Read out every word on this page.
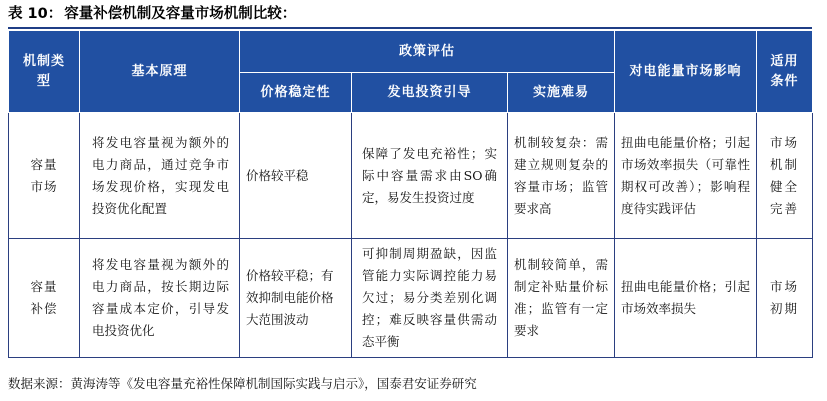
表 10： 容量补偿机制及容量市场机制比较：
机制类型	基本原理	政策评估			对电能量市场影响	适用条件
		价格稳定性	发电投资引导	实施难易		
容量市场	将发电容量视为额外的电力商品，通过竞争市场发现价格，实现发电投资优化配置	价格较平稳	保障了发电充裕性；实际中容量需求由SO确定，易发生投资过度	机制较复杂：需建立规则复杂的容量市场；监管要求高	扭曲电能量价格；引起市场效率损失（可靠性期权可改善）；影响程度待实践评估	市场机制健全完善
容量补偿	将发电容量视为额外的电力商品，按长期边际容量成本定价，引导发电投资优化	价格较平稳；有效抑制电能价格大范围波动	可抑制周期盈缺，因监管能力实际调控能力易欠过；易分类差别化调控；难反映容量供需动态平衡	机制较简单，需制定补贴量价标准；监管有一定要求	扭曲电能量价格；引起市场效率损失	市场初期
数据来源：黄海涛等《发电容量充裕性保障机制国际实践与启示》，国泰君安证券研究
